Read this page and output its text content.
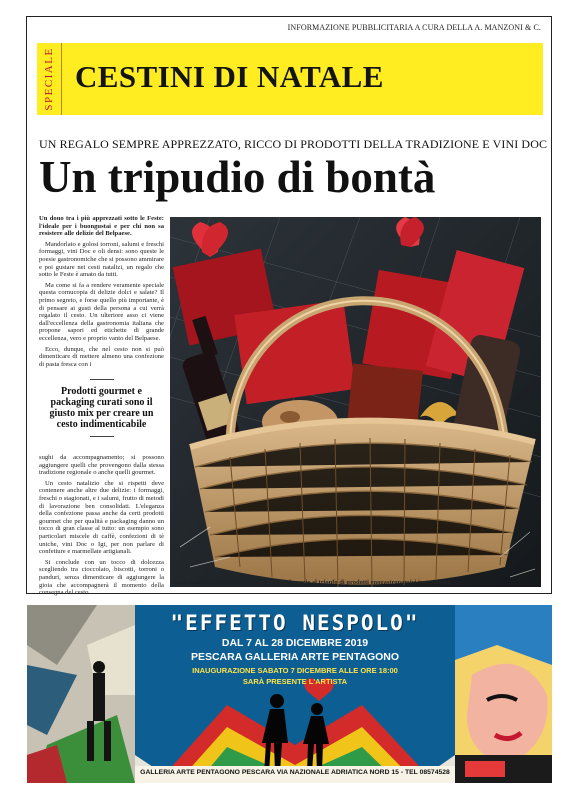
INFORMAZIONE PUBBLICITARIA A CURA DELLA A. MANZONI & C.
SPECIALE CESTINI DI NATALE
UN REGALO SEMPRE APPREZZATO, RICCO DI PRODOTTI DELLA TRADIZIONE E VINI DOC
Un tripudio di bontà

Un dono tra i più apprezzati sotto le Feste: l'ideale per i buongustai e per chi non sa resistere alle delizie del Belpaese.

Mandorlato e golosi torroni, salumi e freschi formaggi, vini Doc e oli densi: sono queste le poesie gastronomiche che si possono ammirare e poi gustare nei cesti natalizi, un regalo che sotto le Feste è amato da tutti.

Ma come si fa a rendere veramente speciale questa cornucopia di delizie dolci e salate? Il primo segreto, e forse quello più importante, è di pensare ai gusti della persona a cui verrà regalato il cesto. Un ulteriore asso ci viene dall'eccellenza della gastronomia italiana che propone sapori ed etichette di grande eccellenza, vero e proprio vanto del Belpaese.

Ecco, dunque, che nel cesto non si può dimenticare di mettere almeno una confezione di pasta fresca con i

Prodotti gourmet e packaging curati sono il giusto mix per creare un cesto indimenticabile

sughi da accompagnamento; si possono aggiungere quelli che provengono dalla stessa tradizione regionale o anche quelli gourmet.

Un cesto natalizio che si rispetti deve contenere anche altre due delizie: i formaggi, freschi o stagionati, e i salumi, frutto di metodi di lavorazione ben consolidati. L'eleganza della confezione passa anche da certi prodotti gourmet che per qualità e packaging danno un tocco di gran classe al tutto: un esempio sono particolari miscele di caffè, confezioni di tè uniche, vini Doc o Igt, per non parlare di confetture e marmellate artigianali.

Si conclude con un tocco di dolcezza scegliendo tra cioccolato, biscotti, torroni o panduri, senza dimenticare di aggiungere la gioia che accompagnerà il momento della consegna del cesto.

I cesti natalizi conquistano per la loro bontà grazie al trionfo di prodotti enogastronomici insuperabili
"EFFETTO NESPOLO"
DAL 7 AL 28 DICEMBRE 2019
PESCARA GALLERIA ARTE PENTAGONO
INAUGURAZIONE SABATO 7 DICEMBRE ALLE ORE 18:00
SARÀ PRESENTE L'ARTISTA
GALLERIA ARTE PENTAGONO PESCARA VIA NAZIONALE ADRIATICA NORD 15 - TEL 08574528
